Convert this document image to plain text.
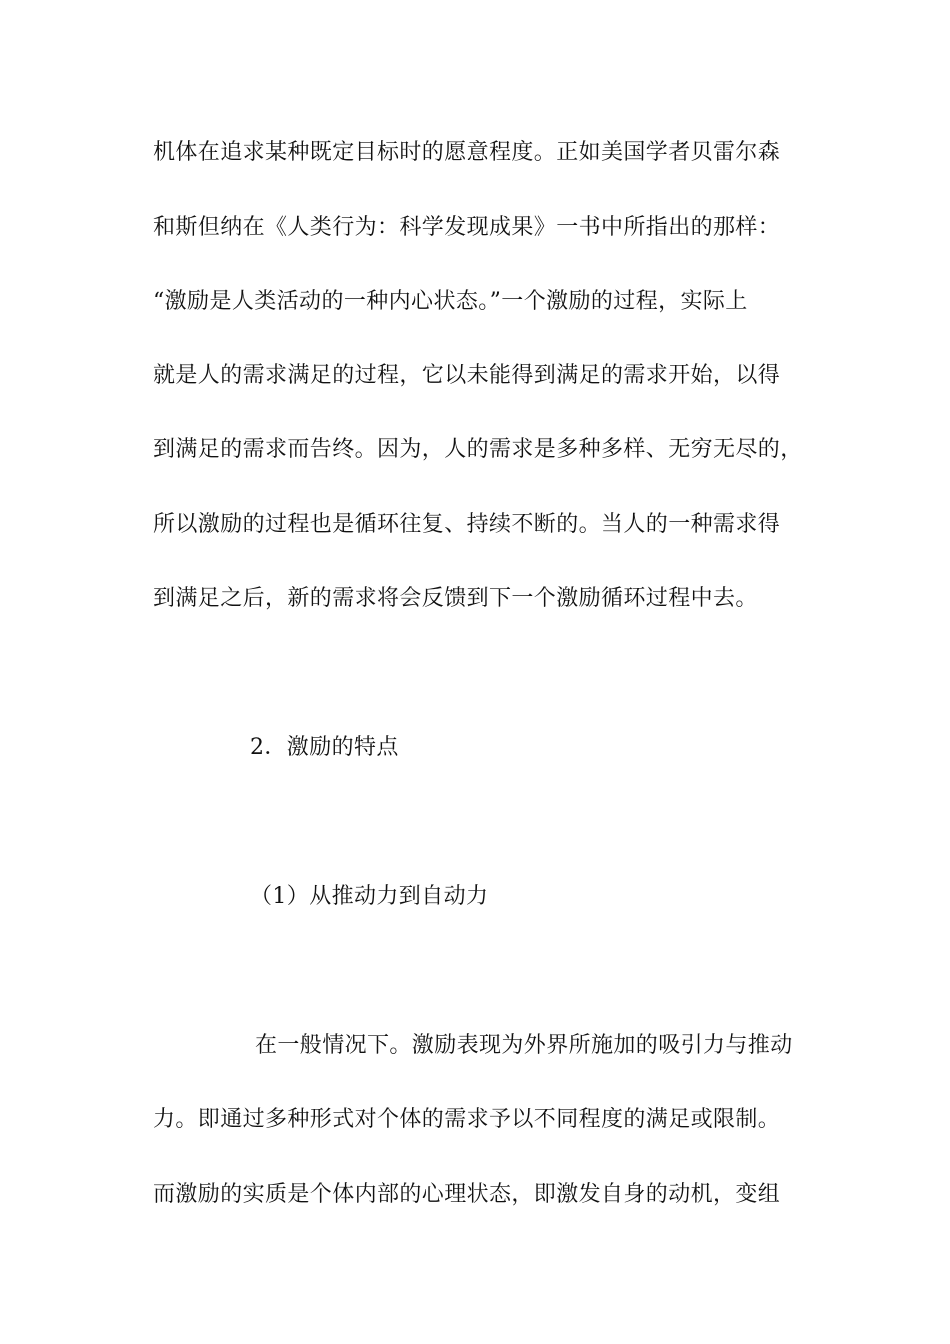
机体在追求某种既定目标时的愿意程度。正如美国学者贝雷尔森
和斯但纳在《人类行为：科学发现成果》一书中所指出的那样：
“激励是人类活动的一种内心状态。”一个激励的过程，实际上
就是人的需求满足的过程，它以未能得到满足的需求开始，以得
到满足的需求而告终。因为，人的需求是多种多样、无穷无尽的，
所以激励的过程也是循环往复、持续不断的。当人的一种需求得
到满足之后，新的需求将会反馈到下一个激励循环过程中去。
2．激励的特点
（1）从推动力到自动力
在一般情况下。激励表现为外界所施加的吸引力与推动
力。即通过多种形式对个体的需求予以不同程度的满足或限制。
而激励的实质是个体内部的心理状态，即激发自身的动机，变组
